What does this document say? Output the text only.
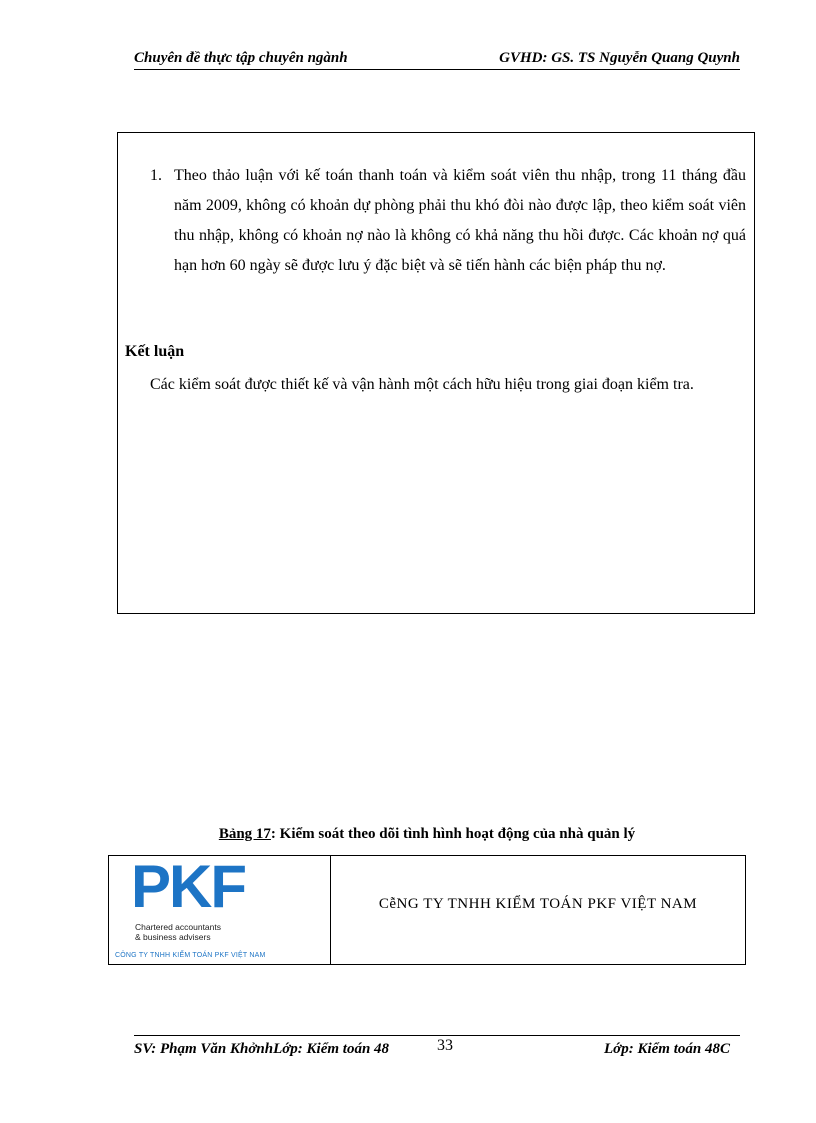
Chuyên đề thực tập chuyên ngành	GVHD: GS. TS Nguyễn Quang Quynh
1. Theo thảo luận với kế toán thanh toán và kiểm soát viên thu nhập, trong 11 tháng đầu năm 2009, không có khoản dự phòng phải thu khó đòi nào được lập, theo kiểm soát viên thu nhập, không có khoản nợ nào là không có khả năng thu hồi được. Các khoản nợ quá hạn hơn 60 ngày sẽ được lưu ý đặc biệt và sẽ tiến hành các biện pháp thu nợ.
Kết luận
Các kiểm soát được thiết kế và vận hành một cách hữu hiệu trong giai đoạn kiểm tra.
Bảng 17: Kiểm soát theo dõi tình hình hoạt động của nhà quản lý
PKF
Chartered accountants
& business advisers
CÔNG TY TNHH KIỂM TOÁN PKF VIỆT NAM
CễNG TY TNHH KIỂM TOÁN PKF VIỆT NAM
SV: Phạm Văn KhởnhLớp: Kiểm toán 48	33	Lớp: Kiểm toán 48C
